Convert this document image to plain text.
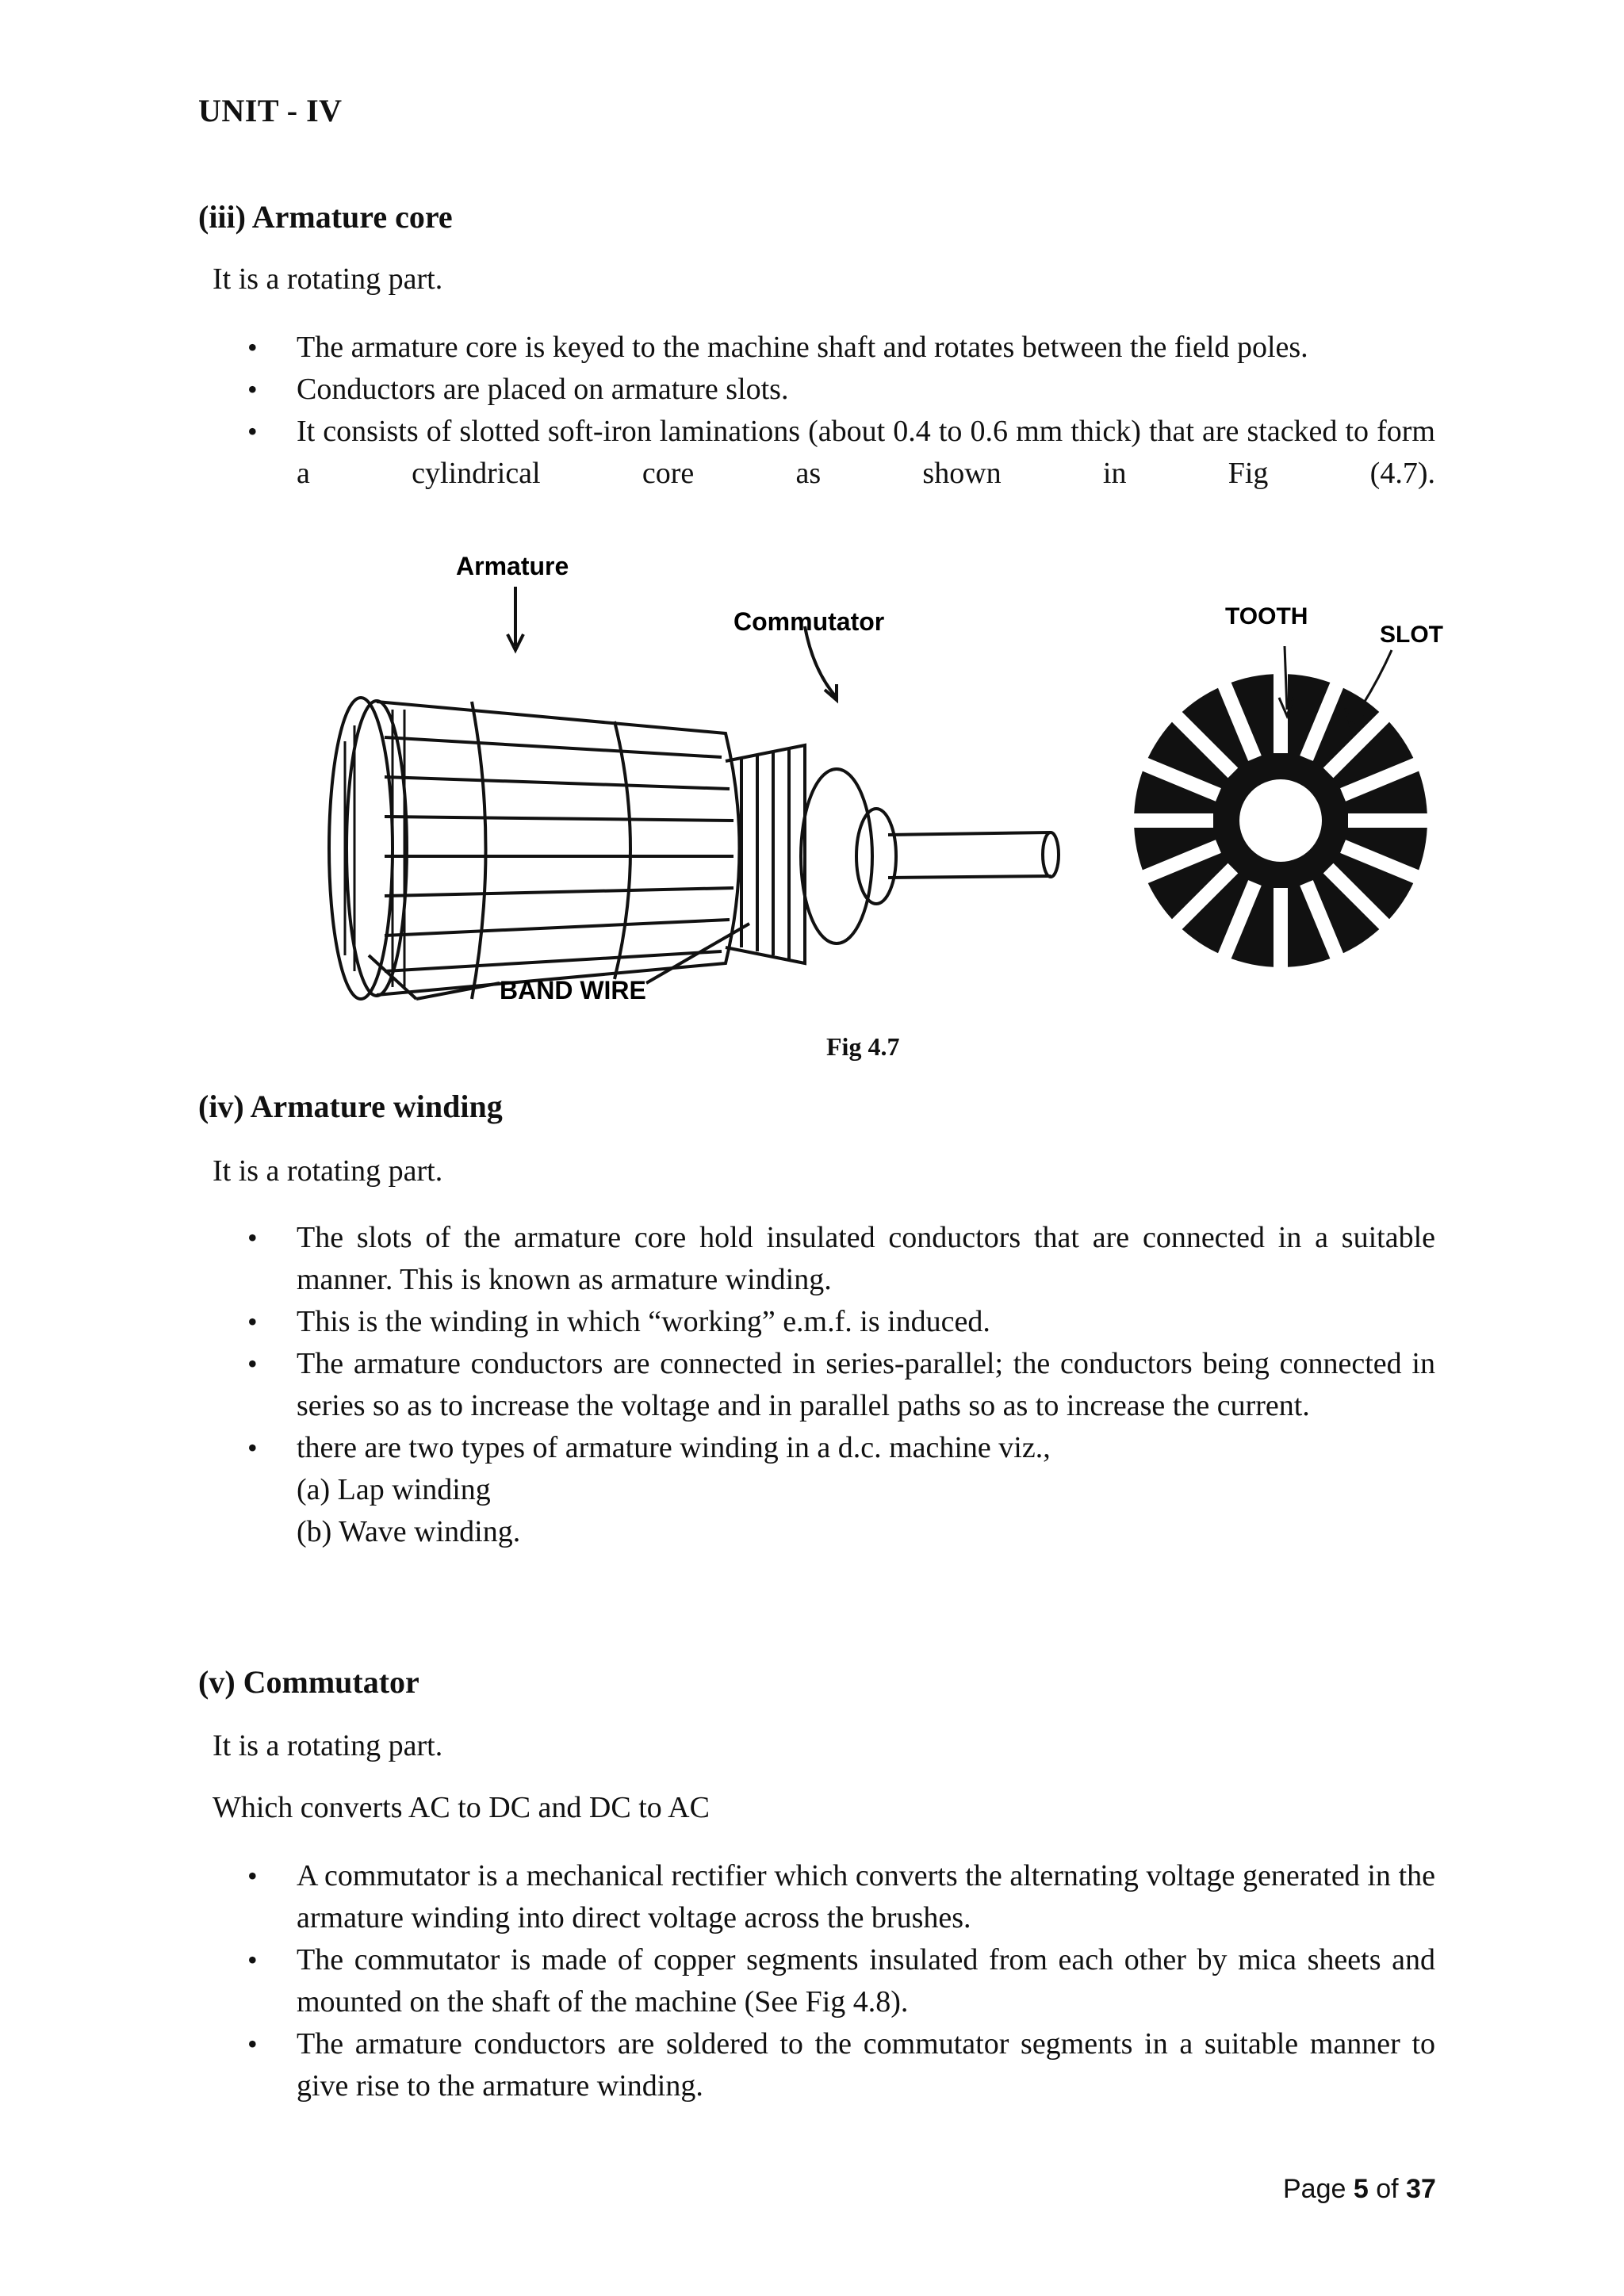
UNIT - IV
(iii) Armature core
It is a rotating part.
• The armature core is keyed to the machine shaft and rotates between the field poles.
• Conductors are placed on armature slots.
• It consists of slotted soft-iron laminations (about 0.4 to 0.6 mm thick) that are stacked to form a cylindrical core as shown in Fig (4.7).
Armature
Commutator
BAND WIRE
TOOTH
SLOT
Fig 4.7
(iv) Armature winding
It is a rotating part.
• The slots of the armature core hold insulated conductors that are connected in a suitable manner. This is known as armature winding.
• This is the winding in which “working” e.m.f. is induced.
• The armature conductors are connected in series-parallel; the conductors being connected in series so as to increase the voltage and in parallel paths so as to increase the current.
• there are two types of armature winding in a d.c. machine viz.,
(a) Lap winding
(b) Wave winding.
(v) Commutator
It is a rotating part.
Which converts AC to DC and DC to AC
• A commutator is a mechanical rectifier which converts the alternating voltage generated in the armature winding into direct voltage across the brushes.
• The commutator is made of copper segments insulated from each other by mica sheets and mounted on the shaft of the machine (See Fig 4.8).
• The armature conductors are soldered to the commutator segments in a suitable manner to give rise to the armature winding.
Page 5 of 37
